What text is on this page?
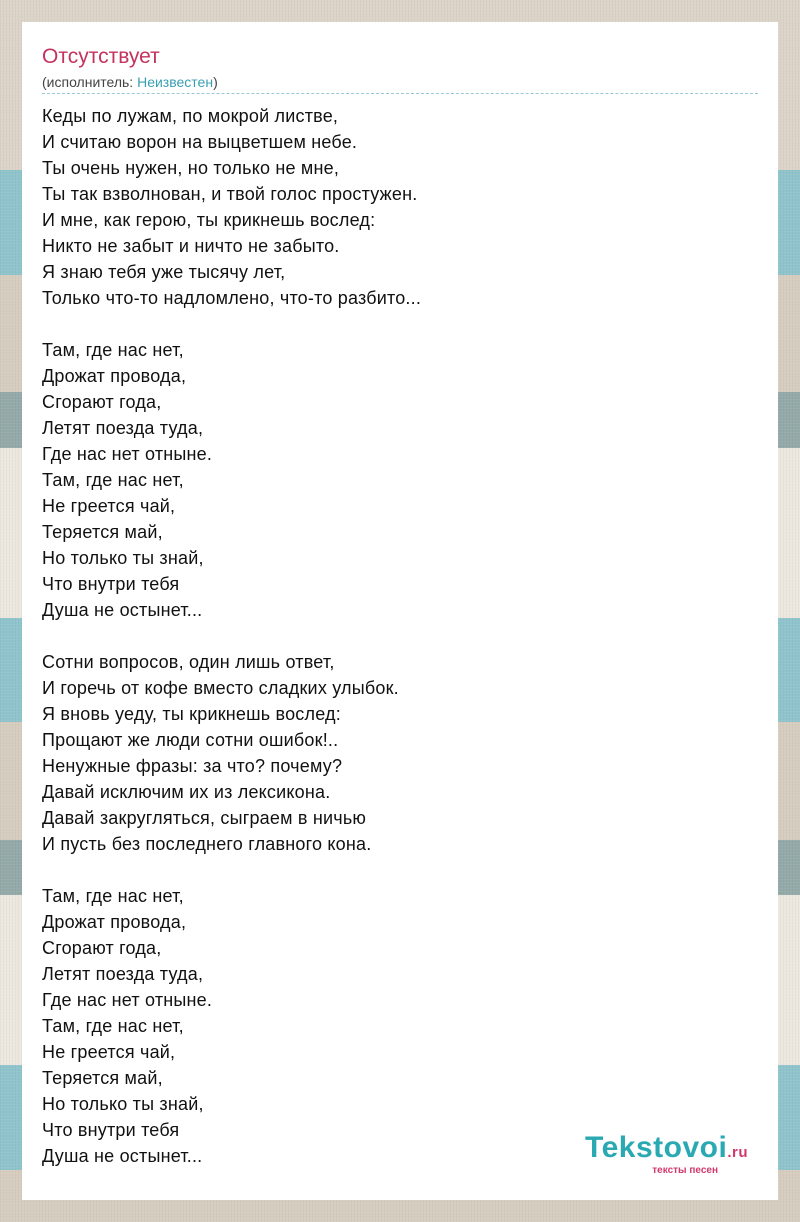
Отсутствует
(исполнитель: Неизвестен)
Кеды по лужам, по мокрой листве,
И считаю ворон на выцветшем небе.
Ты очень нужен, но только не мне,
Ты так взволнован, и твой голос простужен.
И мне, как герою, ты крикнешь вослед:
Никто не забыт и ничто не забыто.
Я знаю тебя уже тысячу лет,
Только что-то надломлено, что-то разбито...
Там, где нас нет,
Дрожат провода,
Сгорают года,
Летят поезда туда,
Где нас нет отныне.
Там, где нас нет,
Не греется чай,
Теряется май,
Но только ты знай,
Что внутри тебя
Душа не остынет...
Сотни вопросов, один лишь ответ,
И горечь от кофе вместо сладких улыбок.
Я вновь уеду, ты крикнешь вослед:
Прощают же люди сотни ошибок!..
Ненужные фразы: за что? почему?
Давай исключим их из лексикона.
Давай закругляться, сыграем в ничью
И пусть без последнего главного кона.
Там, где нас нет,
Дрожат провода,
Сгорают года,
Летят поезда туда,
Где нас нет отныне.
Там, где нас нет,
Не греется чай,
Теряется май,
Но только ты знай,
Что внутри тебя
Душа не остынет...	Tekstovoi.ru
тексты песен
